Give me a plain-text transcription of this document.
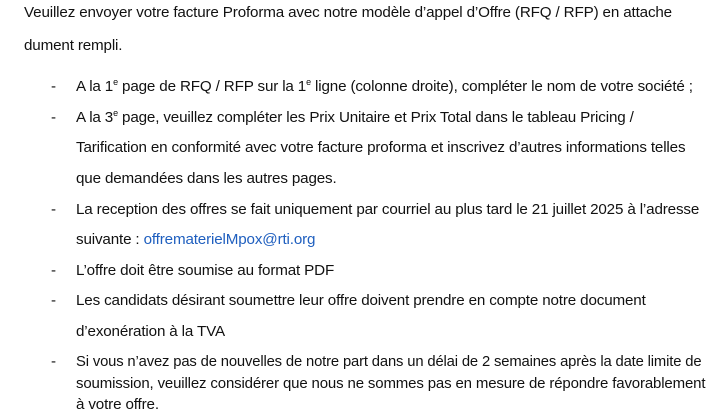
Veuillez envoyer votre facture Proforma avec notre modèle d’appel d’Offre (RFQ / RFP) en attache
dument rempli.
- A la 1e page de RFQ / RFP sur la 1e ligne (colonne droite), compléter le nom de votre société ;
- A la 3e page, veuillez compléter les Prix Unitaire et Prix Total dans le tableau Pricing /
Tarification en conformité avec votre facture proforma et inscrivez d’autres informations telles
que demandées dans les autres pages.
- La reception des offres se fait uniquement par courriel au plus tard le 21 juillet 2025 à l’adresse
suivante : offrematerielMpox@rti.org
- L’offre doit être soumise au format PDF
- Les candidats désirant soumettre leur offre doivent prendre en compte notre document
d’exonération à la TVA
- Si vous n’avez pas de nouvelles de notre part dans un délai de 2 semaines après la date limite de
soumission, veuillez considérer que nous ne sommes pas en mesure de répondre favorablement
à votre offre.
